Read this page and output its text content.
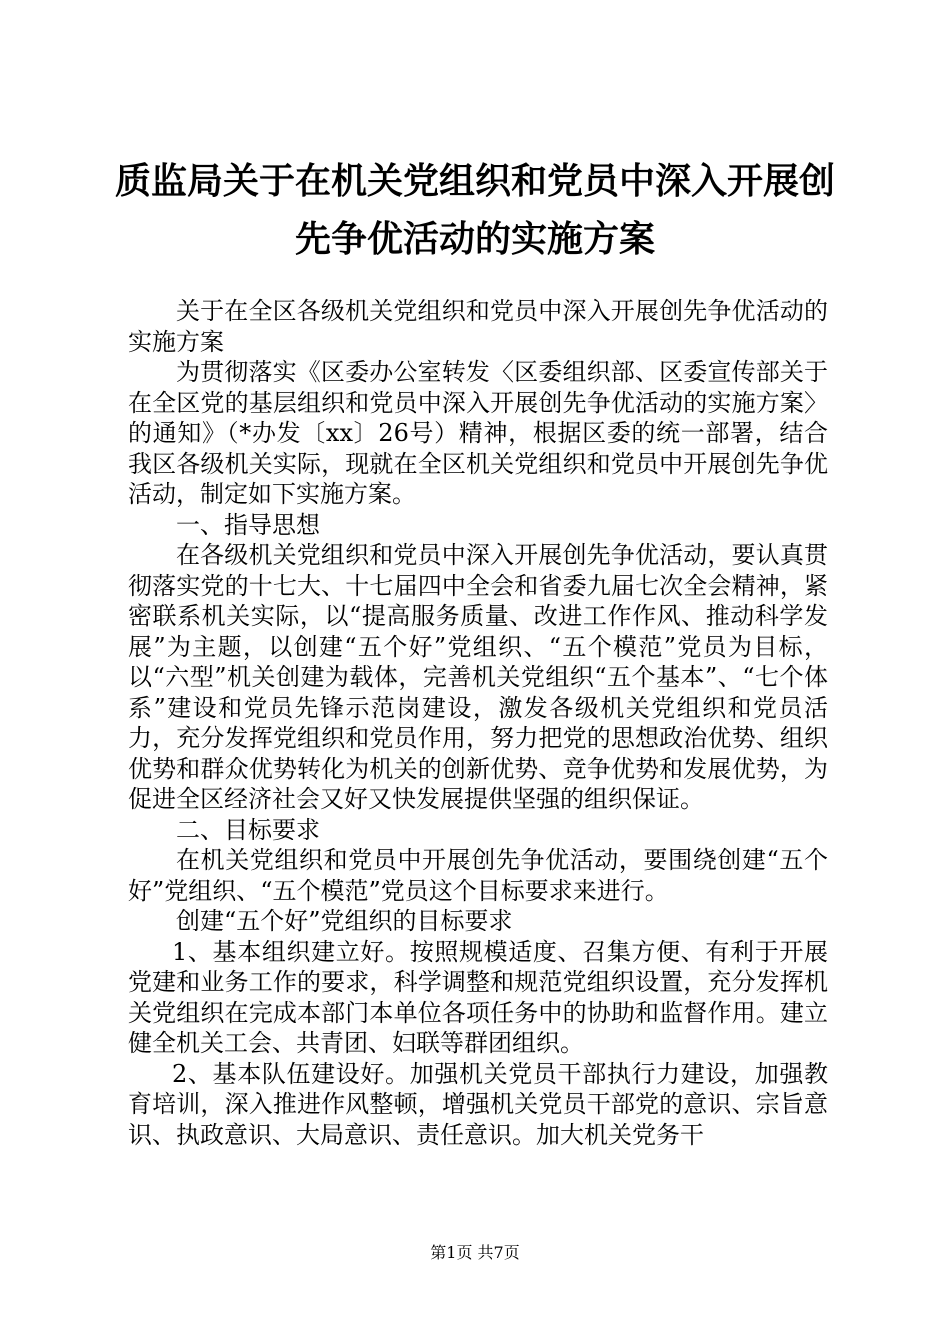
质监局关于在机关党组织和党员中深入开展创
先争优活动的实施方案

关于在全区各级机关党组织和党员中深入开展创先争优活动的实施方案

为贯彻落实《区委办公室转发〈区委组织部、区委宣传部关于在全区党的基层组织和党员中深入开展创先争优活动的实施方案〉的通知》（*办发〔xx〕26号）精神，根据区委的统一部署，结合我区各级机关实际，现就在全区机关党组织和党员中开展创先争优活动，制定如下实施方案。

一、指导思想

在各级机关党组织和党员中深入开展创先争优活动，要认真贯彻落实党的十七大、十七届四中全会和省委九届七次全会精神，紧密联系机关实际，以“提高服务质量、改进工作作风、推动科学发展”为主题，以创建“五个好”党组织、“五个模范”党员为目标，以“六型”机关创建为载体，完善机关党组织“五个基本”、“七个体系”建设和党员先锋示范岗建设，激发各级机关党组织和党员活力，充分发挥党组织和党员作用，努力把党的思想政治优势、组织优势和群众优势转化为机关的创新优势、竞争优势和发展优势，为促进全区经济社会又好又快发展提供坚强的组织保证。

二、目标要求

在机关党组织和党员中开展创先争优活动，要围绕创建“五个好”党组织、“五个模范”党员这个目标要求来进行。

创建“五个好”党组织的目标要求

1、基本组织建立好。按照规模适度、召集方便、有利于开展党建和业务工作的要求，科学调整和规范党组织设置，充分发挥机关党组织在完成本部门本单位各项任务中的协助和监督作用。建立健全机关工会、共青团、妇联等群团组织。

2、基本队伍建设好。加强机关党员干部执行力建设，加强教育培训，深入推进作风整顿，增强机关党员干部党的意识、宗旨意识、执政意识、大局意识、责任意识。加大机关党务干

第1页 共7页
